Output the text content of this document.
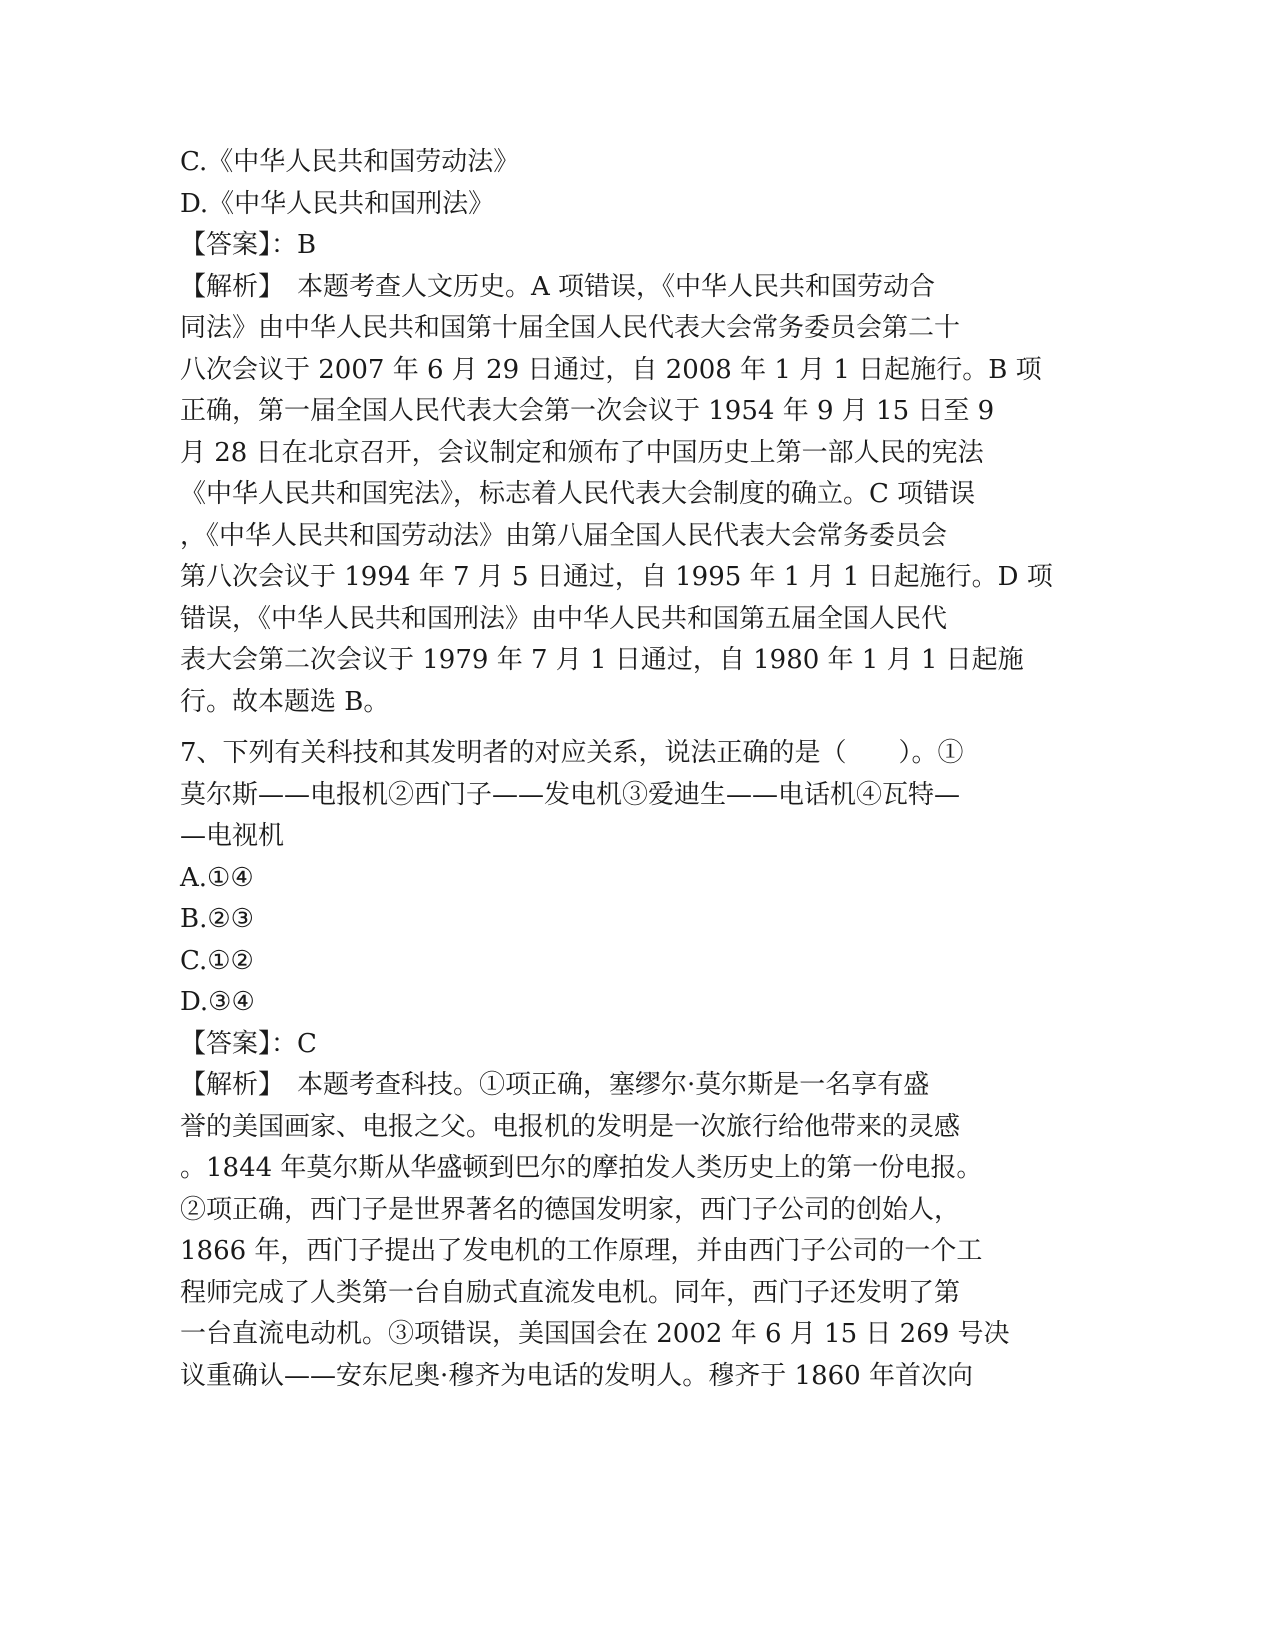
C.《中华人民共和国劳动法》
D.《中华人民共和国刑法》
【答案】：B
【解析】　本题考查人文历史。A 项错误，《中华人民共和国劳动合
同法》由中华人民共和国第十届全国人民代表大会常务委员会第二十
八次会议于 2007 年 6 月 29 日通过，自 2008 年 1 月 1 日起施行。B 项
正确，第一届全国人民代表大会第一次会议于 1954 年 9 月 15 日至 9
月 28 日在北京召开，会议制定和颁布了中国历史上第一部人民的宪法
《中华人民共和国宪法》，标志着人民代表大会制度的确立。C 项错误
，《中华人民共和国劳动法》由第八届全国人民代表大会常务委员会
第八次会议于 1994 年 7 月 5 日通过，自 1995 年 1 月 1 日起施行。D 项
错误，《中华人民共和国刑法》由中华人民共和国第五届全国人民代
表大会第二次会议于 1979 年 7 月 1 日通过，自 1980 年 1 月 1 日起施
行。故本题选 B。
7、下列有关科技和其发明者的对应关系，说法正确的是（　　）。①
莫尔斯——电报机②西门子——发电机③爱迪生——电话机④瓦特—
—电视机
A.①④
B.②③
C.①②
D.③④
【答案】：C
【解析】　本题考查科技。①项正确，塞缪尔·莫尔斯是一名享有盛
誉的美国画家、电报之父。电报机的发明是一次旅行给他带来的灵感
。1844 年莫尔斯从华盛顿到巴尔的摩拍发人类历史上的第一份电报。
②项正确，西门子是世界著名的德国发明家，西门子公司的创始人，
1866 年，西门子提出了发电机的工作原理，并由西门子公司的一个工
程师完成了人类第一台自励式直流发电机。同年，西门子还发明了第
一台直流电动机。③项错误，美国国会在 2002 年 6 月 15 日 269 号决
议重确认——安东尼奥·穆齐为电话的发明人。穆齐于 1860 年首次向
